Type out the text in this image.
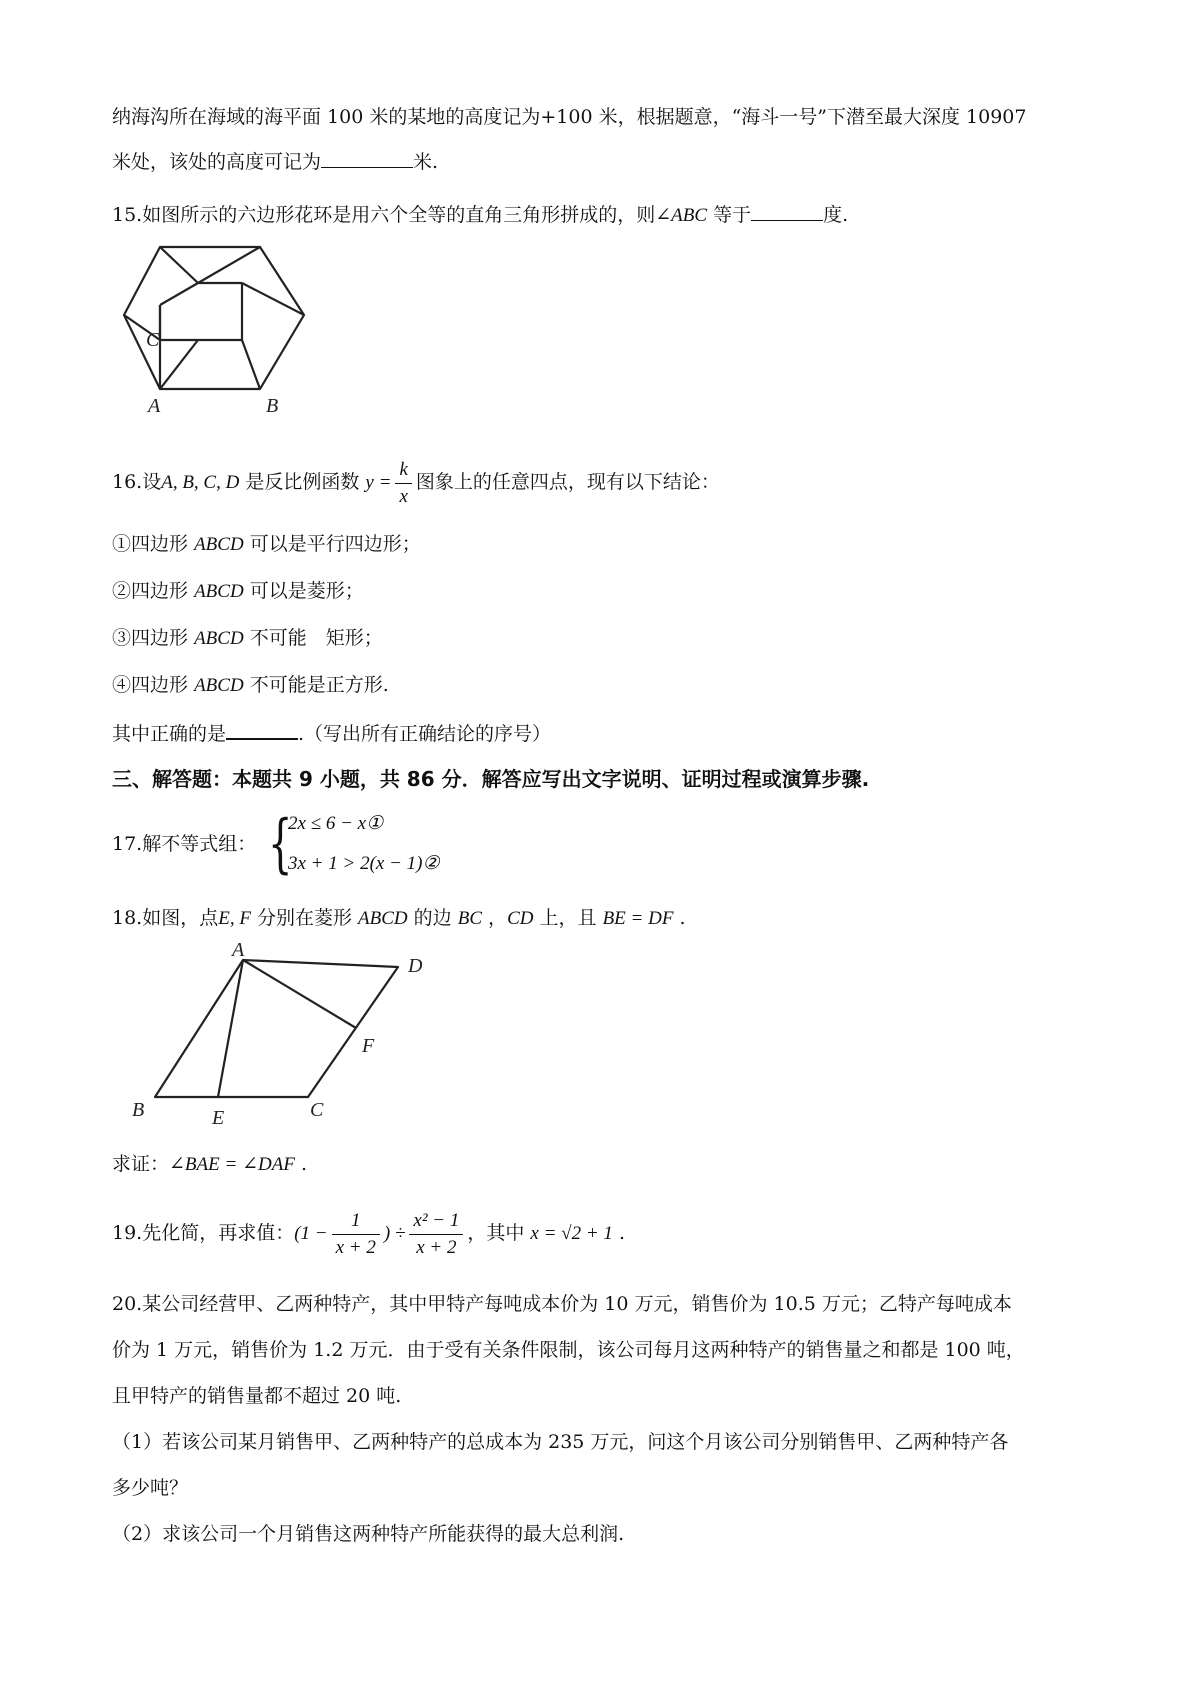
纳海沟所在海域的海平面 100 米的某地的高度记为+100 米，根据题意，“海斗一号”下潜至最大深度 10907
米处，该处的高度可记为	米.
15.如图所示的六边形花环是用六个全等的直角三角形拼成的，则∠ABC 等于	度.
C
A	B
16.设A, B, C, D 是反比例函数 $y = \frac{k}{x}$ 图象上的任意四点，现有以下结论：
①四边形 ABCD 可以是平行四边形；
②四边形 ABCD 可以是菱形；
③四边形 ABCD 不可能　矩形；
④四边形 ABCD 不可能是正方形.
其中正确的是	.（写出所有正确结论的序号）
三、解答题：本题共 9 小题，共 86 分．解答应写出文字说明、证明过程或演算步骤.
17.解不等式组： {
2x ≤ 6 − x①
3x + 1 > 2(x − 1)②
18.如图，点E, F 分别在菱形 ABCD 的边 BC ，CD 上，且 BE = DF .
A
D
F
B	E	C
求证：∠BAE = ∠DAF .
19.先化简，再求值：($1 - \frac{1}{x + 2}$ ) ÷ $\frac{\text{x² − 1}}{x + 2}$ ，其中 x = √2 + 1 .
20.某公司经营甲、乙两种特产，其中甲特产每吨成本价为 10 万元，销售价为 10.5 万元；乙特产每吨成本
价为 1 万元，销售价为 1.2 万元．由于受有关条件限制，该公司每月这两种特产的销售量之和都是 100 吨，
且甲特产的销售量都不超过 20 吨.
（1）若该公司某月销售甲、乙两种特产的总成本为 235 万元，问这个月该公司分别销售甲、乙两种特产各
多少吨？
（2）求该公司一个月销售这两种特产所能获得的最大总利润.
